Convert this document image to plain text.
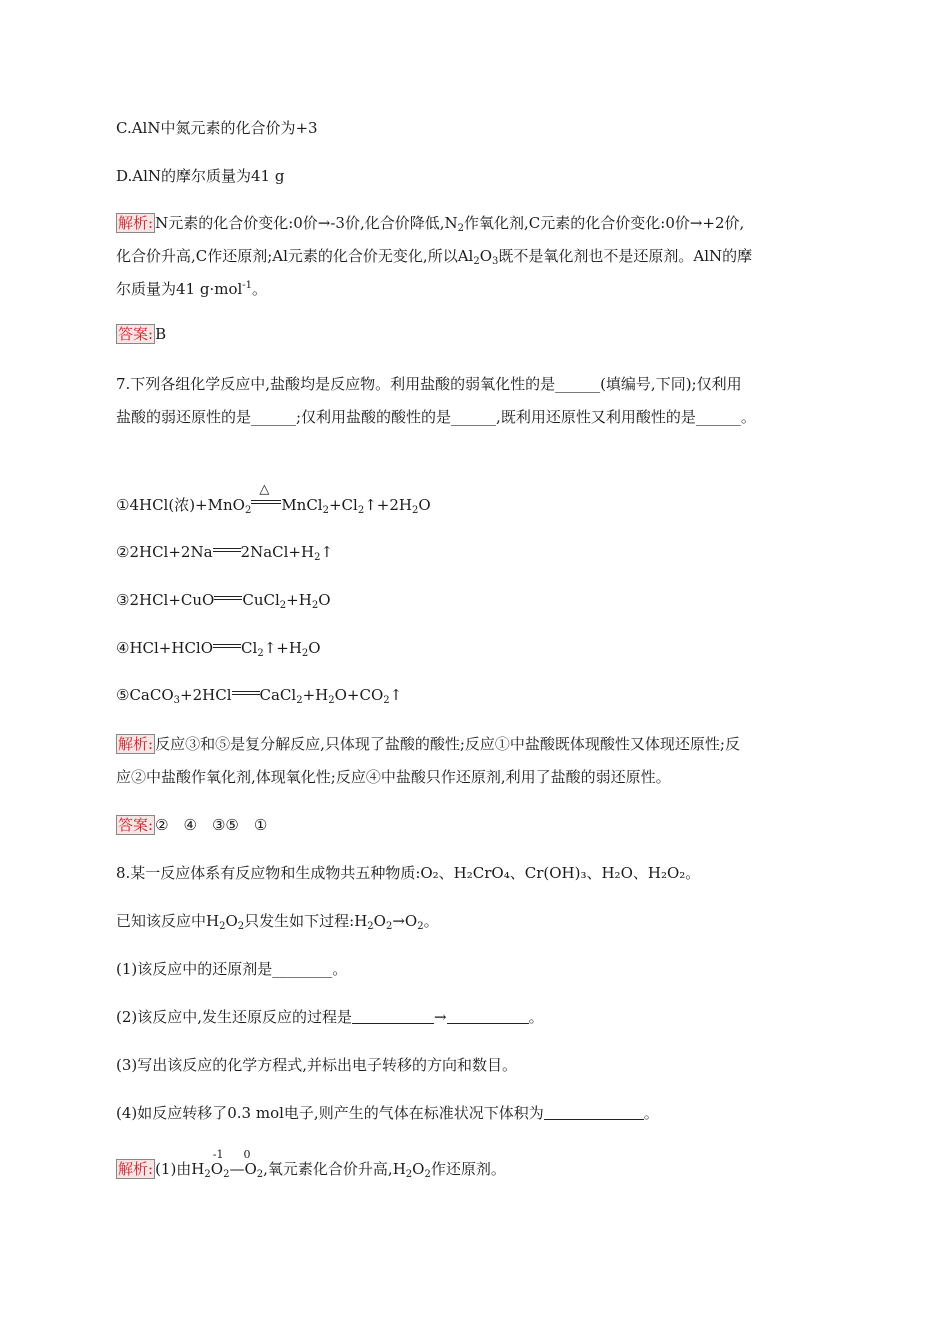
C.AlN中氮元素的化合价为+3
D.AlN的摩尔质量为41 g
解析: N元素的化合价变化:0价→-3价,化合价降低$,N_2$作氧化剂,C元素的化合价变化:0价→+2价,
化合价升高,C作还原剂;Al元素的化合价无变化,所以$Al_2O_3$既不是氧化剂也不是还原剂。AlN的摩
尔质量为41 g·mol$^{-1}$。
答案: B
7.下列各组化学反应中,盐酸均是反应物。利用盐酸的弱氧化性的是______(填编号,下同);仅利用
盐酸的弱还原性的是______;仅利用盐酸的酸性的是______,既利用还原性又利用酸性的是______。
①4HCl(浓)+MnO$_2$
△
$MnCl_2+Cl_2↑+2H_2O$
②2HCl+2Na $2NaCl+H_2↑$
③2HCl+CuO $CuCl_2+H_2O$
④HCl+HClO $Cl_2↑+H_2O$
⑤CaCO$_3$+2HCl $CaCl_2+H_2O+CO_2↑$
解析: 反应③和⑤是复分解反应,只体现了盐酸的酸性;反应①中盐酸既体现酸性又体现还原性;反
应②中盐酸作氧化剂,体现氧化性;反应④中盐酸只作还原剂,利用了盐酸的弱还原性。
答案: ②　④　③⑤　①
8.某一反应体系有反应物和生成物共五种物质:O₂、H₂CrO₄、Cr(OH)₃、H₂O、H₂O₂。
已知该反应中$H_2O_2$只发生如下过程$:H_2O_2\to O_2$。
(1)该反应中的还原剂是________。
(2)该反应中,发生还原反应的过程是	→	。
(3)写出该反应的化学方程式,并标出电子转移的方向和数目。
(4)如反应转移了0.3 mol电子,则产生的气体在标准状况下体积为	。
解析: (1)由$H_2$
-1
$O_2$
0
$—O_2$,氧元素化合价升高$,H_2O_2$作还原剂。
